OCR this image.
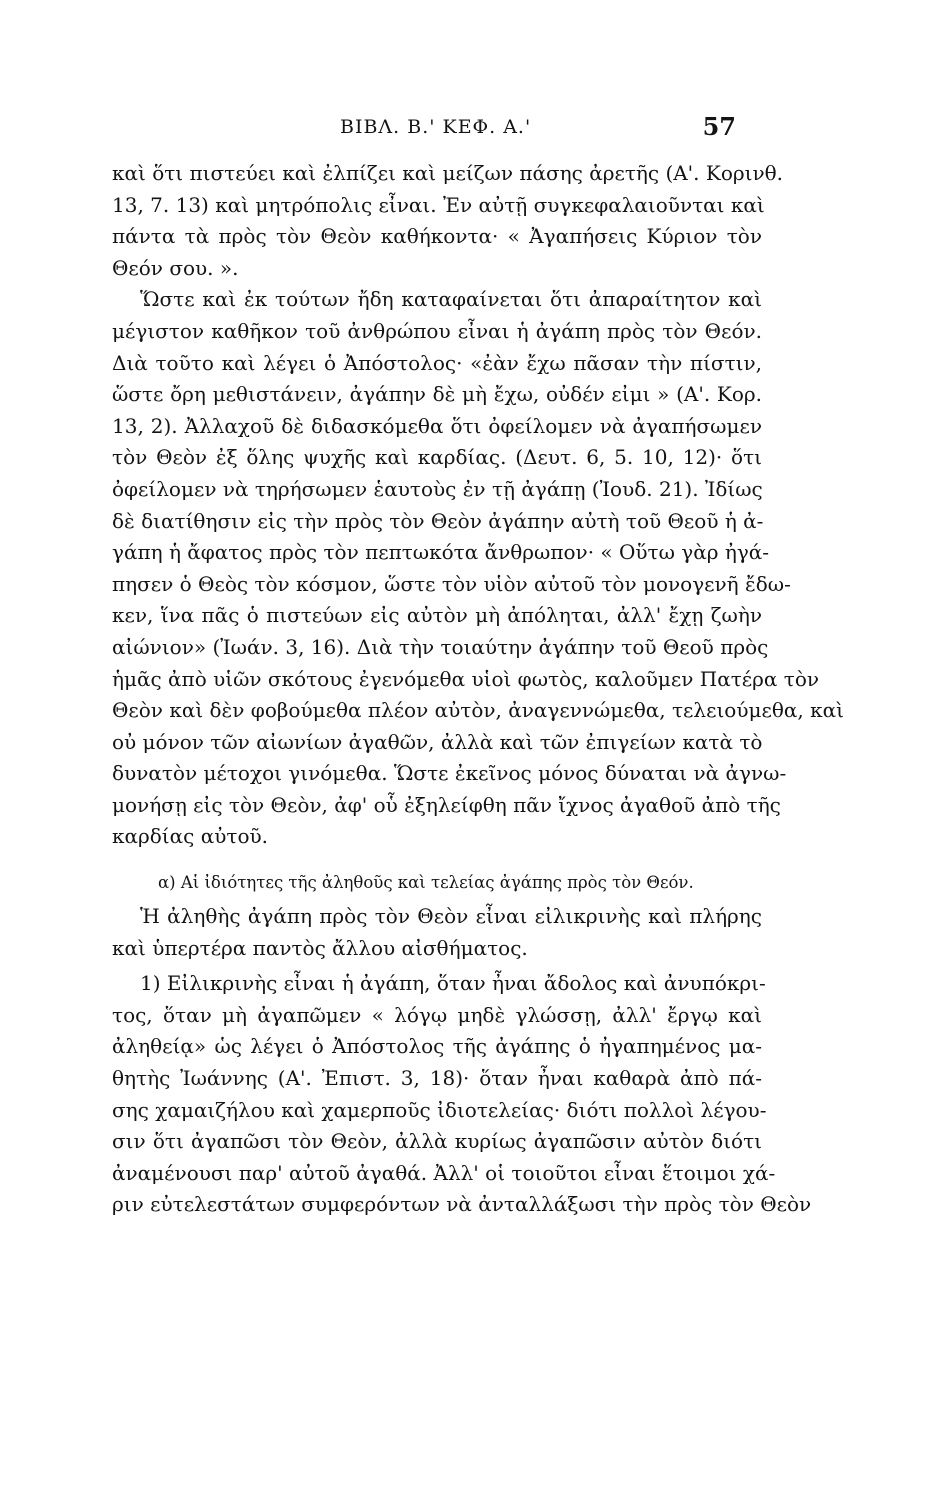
ΒΙΒΛ. Β.' ΚΕΦ. Α.'	57
καὶ ὅτι πιστεύει καὶ ἐλπίζει καὶ μείζων πάσης ἀρετῆς (Α'. Κορινθ.
13, 7. 13) καὶ μητρόπολις εἶναι. Ἐν αὐτῇ συγκεφαλαιοῦνται καὶ
πάντα τὰ πρὸς τὸν Θεὸν καθήκοντα· « Ἀγαπήσεις Κύριον τὸν
Θεόν σου. ».
Ὥστε καὶ ἐκ τούτων ἤδη καταφαίνεται ὅτι ἀπαραίτητον καὶ
μέγιστον καθῆκον τοῦ ἀνθρώπου εἶναι ἡ ἀγάπη πρὸς τὸν Θεόν.
Διὰ τοῦτο καὶ λέγει ὁ Ἀπόστολος· «ἐὰν ἔχω πᾶσαν τὴν πίστιν,
ὥστε ὄρη μεθιστάνειν, ἀγάπην δὲ μὴ ἔχω, οὐδέν εἰμι » (Α'. Κορ.
13, 2). Ἀλλαχοῦ δὲ διδασκόμεθα ὅτι ὀφείλομεν νὰ ἀγαπήσωμεν
τὸν Θεὸν ἐξ ὅλης ψυχῆς καὶ καρδίας. (Δευτ. 6, 5. 10, 12)· ὅτι
ὀφείλομεν νὰ τηρήσωμεν ἑαυτοὺς ἐν τῇ ἀγάπῃ (Ἰουδ. 21). Ἰδίως
δὲ διατίθησιν εἰς τὴν πρὸς τὸν Θεὸν ἀγάπην αὐτὴ τοῦ Θεοῦ ἡ ἀ-
γάπη ἡ ἄφατος πρὸς τὸν πεπτωκότα ἄνθρωπον· « Οὕτω γὰρ ἠγά-
πησεν ὁ Θεὸς τὸν κόσμον, ὥστε τὸν υἱὸν αὐτοῦ τὸν μονογενῆ ἔδω-
κεν, ἵνα πᾶς ὁ πιστεύων εἰς αὐτὸν μὴ ἀπόληται, ἀλλ' ἔχῃ ζωὴν
αἰώνιον» (Ἰωάν. 3, 16). Διὰ τὴν τοιαύτην ἀγάπην τοῦ Θεοῦ πρὸς
ἡμᾶς ἀπὸ υἱῶν σκότους ἐγενόμεθα υἱοὶ φωτὸς, καλοῦμεν Πατέρα τὸν
Θεὸν καὶ δὲν φοβούμεθα πλέον αὐτὸν, ἀναγεννώμεθα, τελειούμεθα, καὶ
οὐ μόνον τῶν αἰωνίων ἀγαθῶν, ἀλλὰ καὶ τῶν ἐπιγείων κατὰ τὸ
δυνατὸν μέτοχοι γινόμεθα. Ὥστε ἐκεῖνος μόνος δύναται νὰ ἀγνω-
μονήσῃ εἰς τὸν Θεὸν, ἀφ' οὗ ἐξηλείφθη πᾶν ἴχνος ἀγαθοῦ ἀπὸ τῆς
καρδίας αὐτοῦ.
α) Αἱ ἰδιότητες τῆς ἀληθοῦς καὶ τελείας ἀγάπης πρὸς τὸν Θεόν.
Ἡ ἀληθὴς ἀγάπη πρὸς τὸν Θεὸν εἶναι εἰλικρινὴς καὶ πλήρης
καὶ ὑπερτέρα παντὸς ἄλλου αἰσθήματος.
1) Εἰλικρινὴς εἶναι ἡ ἀγάπη, ὅταν ἦναι ἄδολος καὶ ἀνυπόκρι-
τος, ὅταν μὴ ἀγαπῶμεν « λόγῳ μηδὲ γλώσσῃ, ἀλλ' ἔργῳ καὶ
ἀληθείᾳ» ὡς λέγει ὁ Ἀπόστολος τῆς ἀγάπης ὁ ἠγαπημένος μα-
θητὴς Ἰωάννης (Α'. Ἐπιστ. 3, 18)· ὅταν ἦναι καθαρὰ ἀπὸ πά-
σης χαμαιζήλου καὶ χαμερποῦς ἰδιοτελείας· διότι πολλοὶ λέγου-
σιν ὅτι ἀγαπῶσι τὸν Θεὸν, ἀλλὰ κυρίως ἀγαπῶσιν αὐτὸν διότι
ἀναμένουσι παρ' αὐτοῦ ἀγαθά. Ἀλλ' οἱ τοιοῦτοι εἶναι ἕτοιμοι χά-
ριν εὐτελεστάτων συμφερόντων νὰ ἀνταλλάξωσι τὴν πρὸς τὸν Θεὸν
